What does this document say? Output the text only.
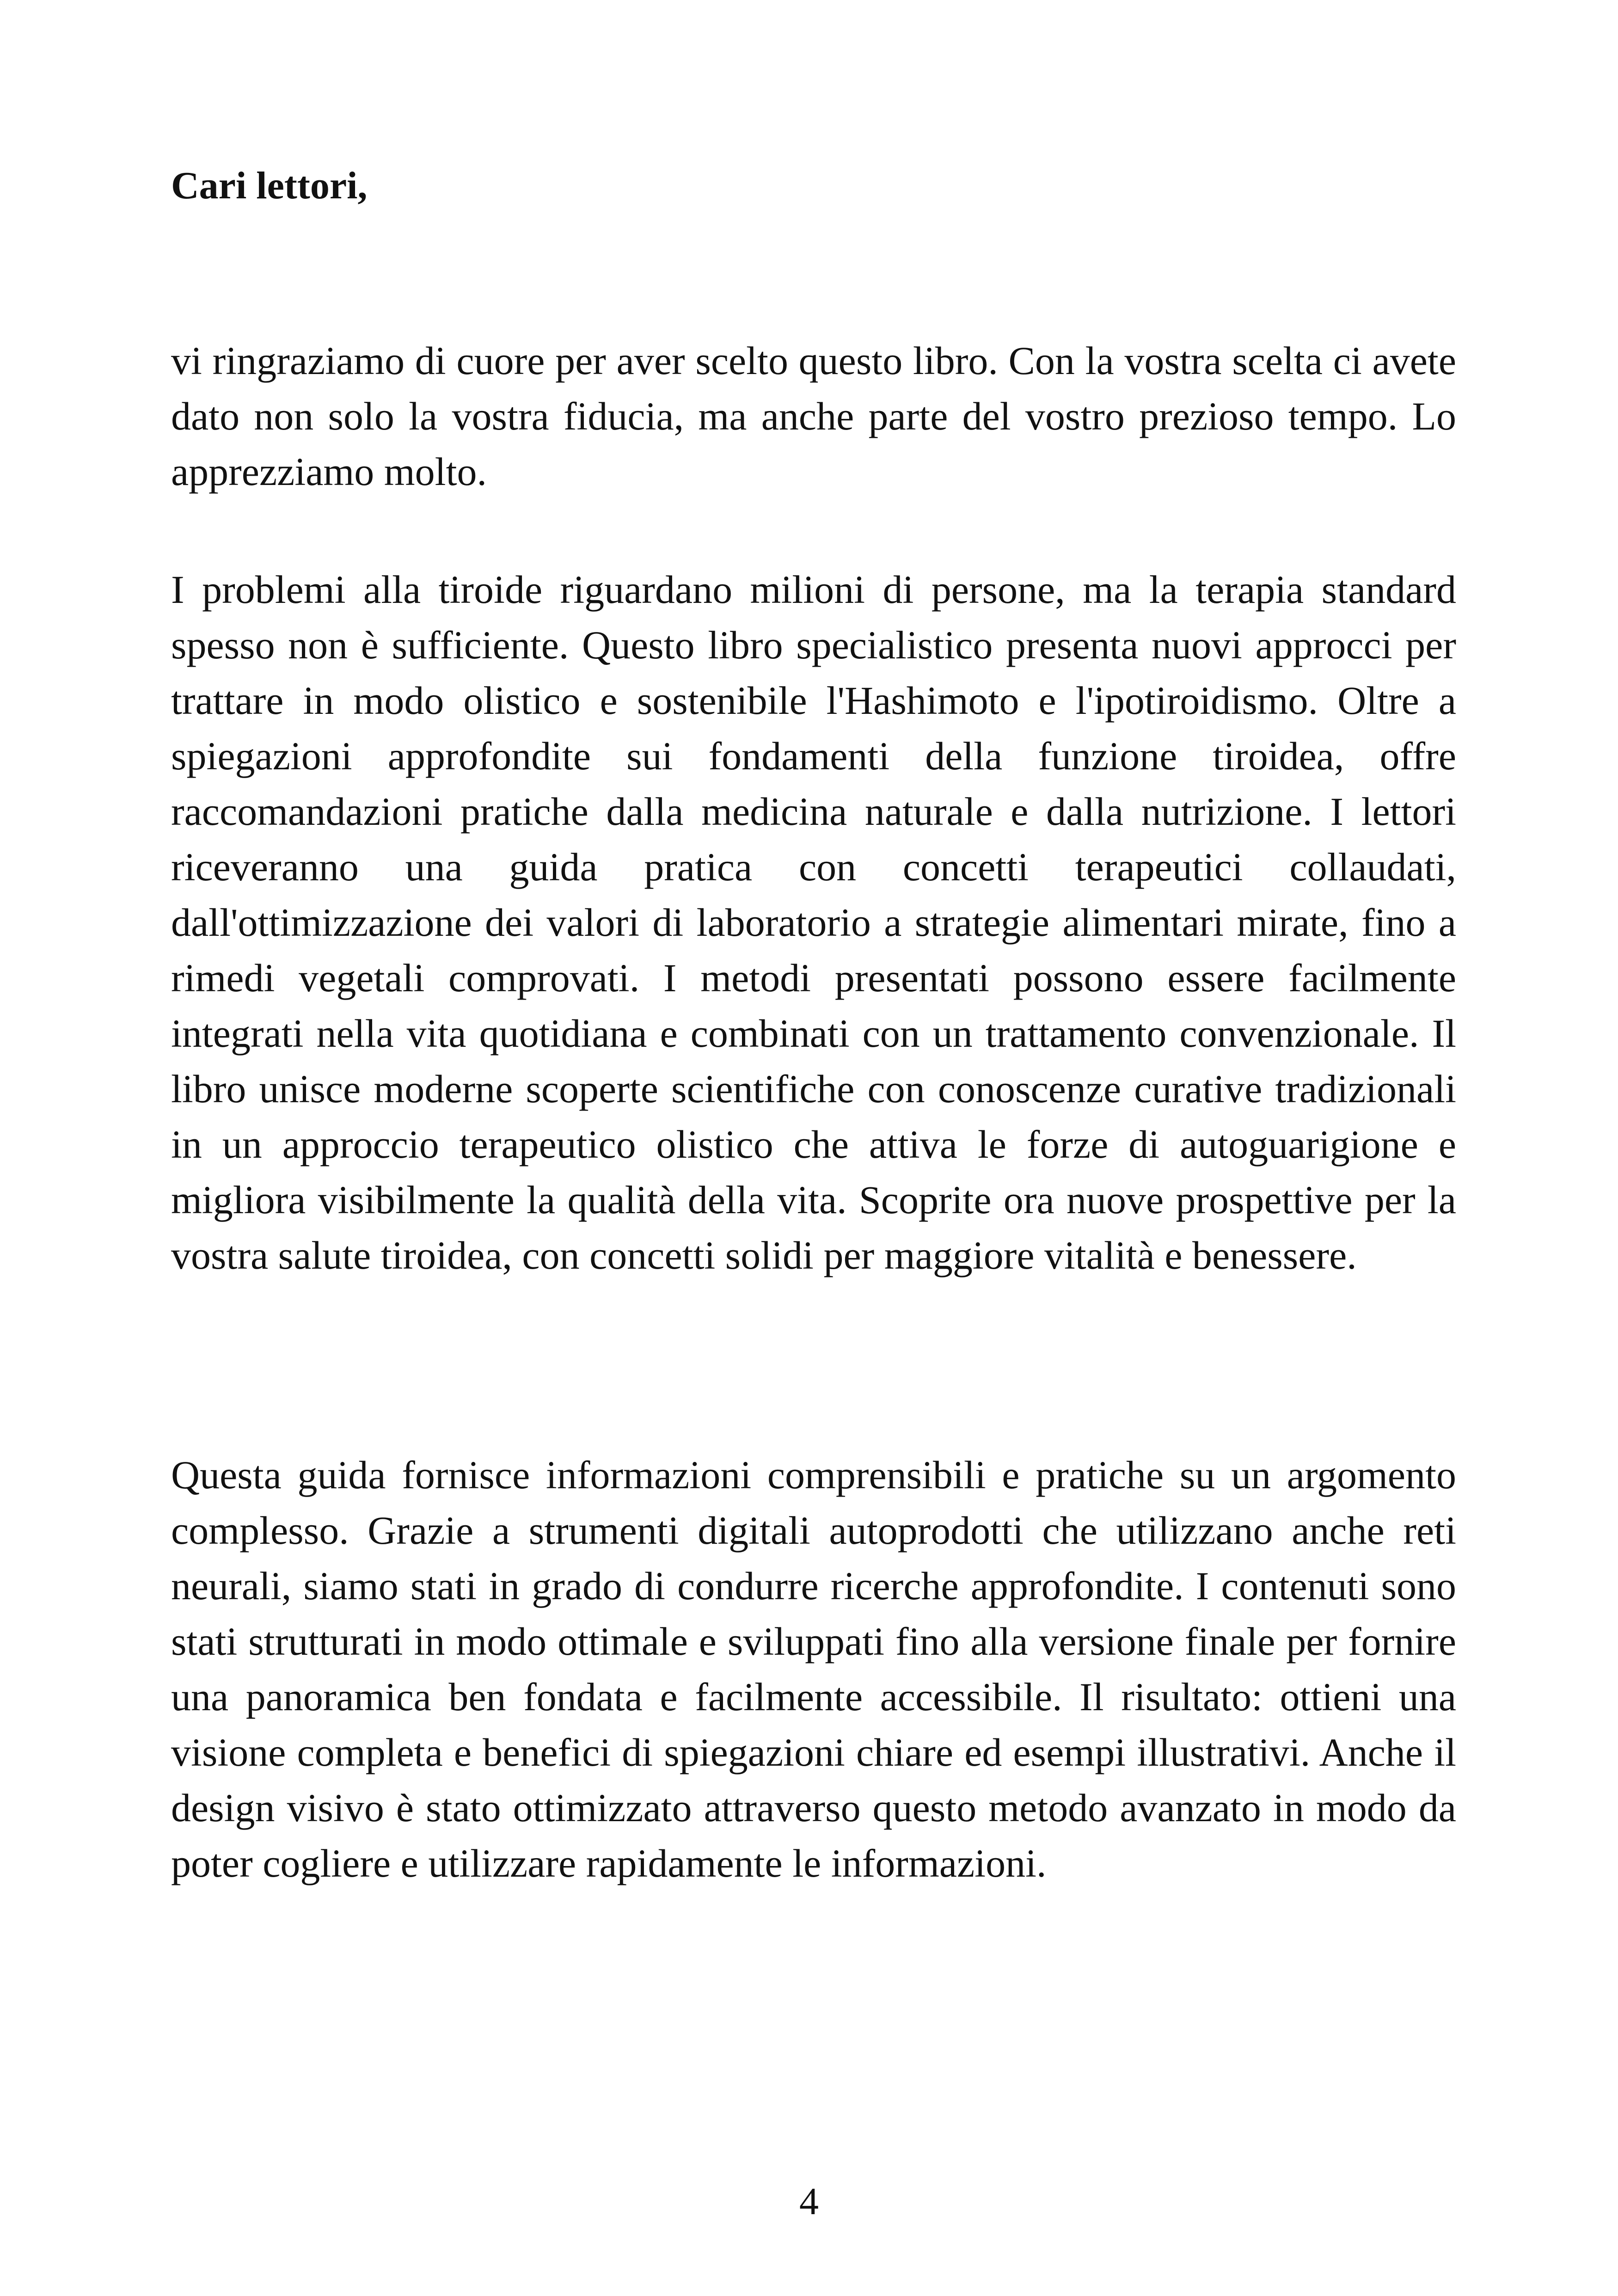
Cari lettori,

vi ringraziamo di cuore per aver scelto questo libro. Con la vostra scelta ci avete dato non solo la vostra fiducia, ma anche parte del vostro prezioso tempo. Lo apprezziamo molto.

I problemi alla tiroide riguardano milioni di persone, ma la terapia standard spesso non è sufficiente. Questo libro specialistico presenta nuovi approcci per trattare in modo olistico e sostenibile l'Hashimoto e l'ipotiroidismo. Oltre a spiegazioni approfondite sui fondamenti della funzione tiroidea, offre raccomandazioni pratiche dalla medicina naturale e dalla nutrizione. I lettori riceveranno una guida pratica con concetti terapeutici collaudati, dall'ottimizzazione dei valori di laboratorio a strategie alimentari mirate, fino a rimedi vegetali comprovati. I metodi presentati possono essere facilmente integrati nella vita quotidiana e combinati con un trattamento convenzionale. Il libro unisce moderne scoperte scientifiche con conoscenze curative tradizionali in un approccio terapeutico olistico che attiva le forze di autoguarigione e migliora visibilmente la qualità della vita. Scoprite ora nuove prospettive per la vostra salute tiroidea, con concetti solidi per maggiore vitalità e benessere.

Questa guida fornisce informazioni comprensibili e pratiche su un argomento complesso. Grazie a strumenti digitali autoprodotti che utilizzano anche reti neurali, siamo stati in grado di condurre ricerche approfondite. I contenuti sono stati strutturati in modo ottimale e sviluppati fino alla versione finale per fornire una panoramica ben fondata e facilmente accessibile. Il risultato: ottieni una visione completa e benefici di spiegazioni chiare ed esempi illustrativi. Anche il design visivo è stato ottimizzato attraverso questo metodo avanzato in modo da poter cogliere e utilizzare rapidamente le informazioni.

4
